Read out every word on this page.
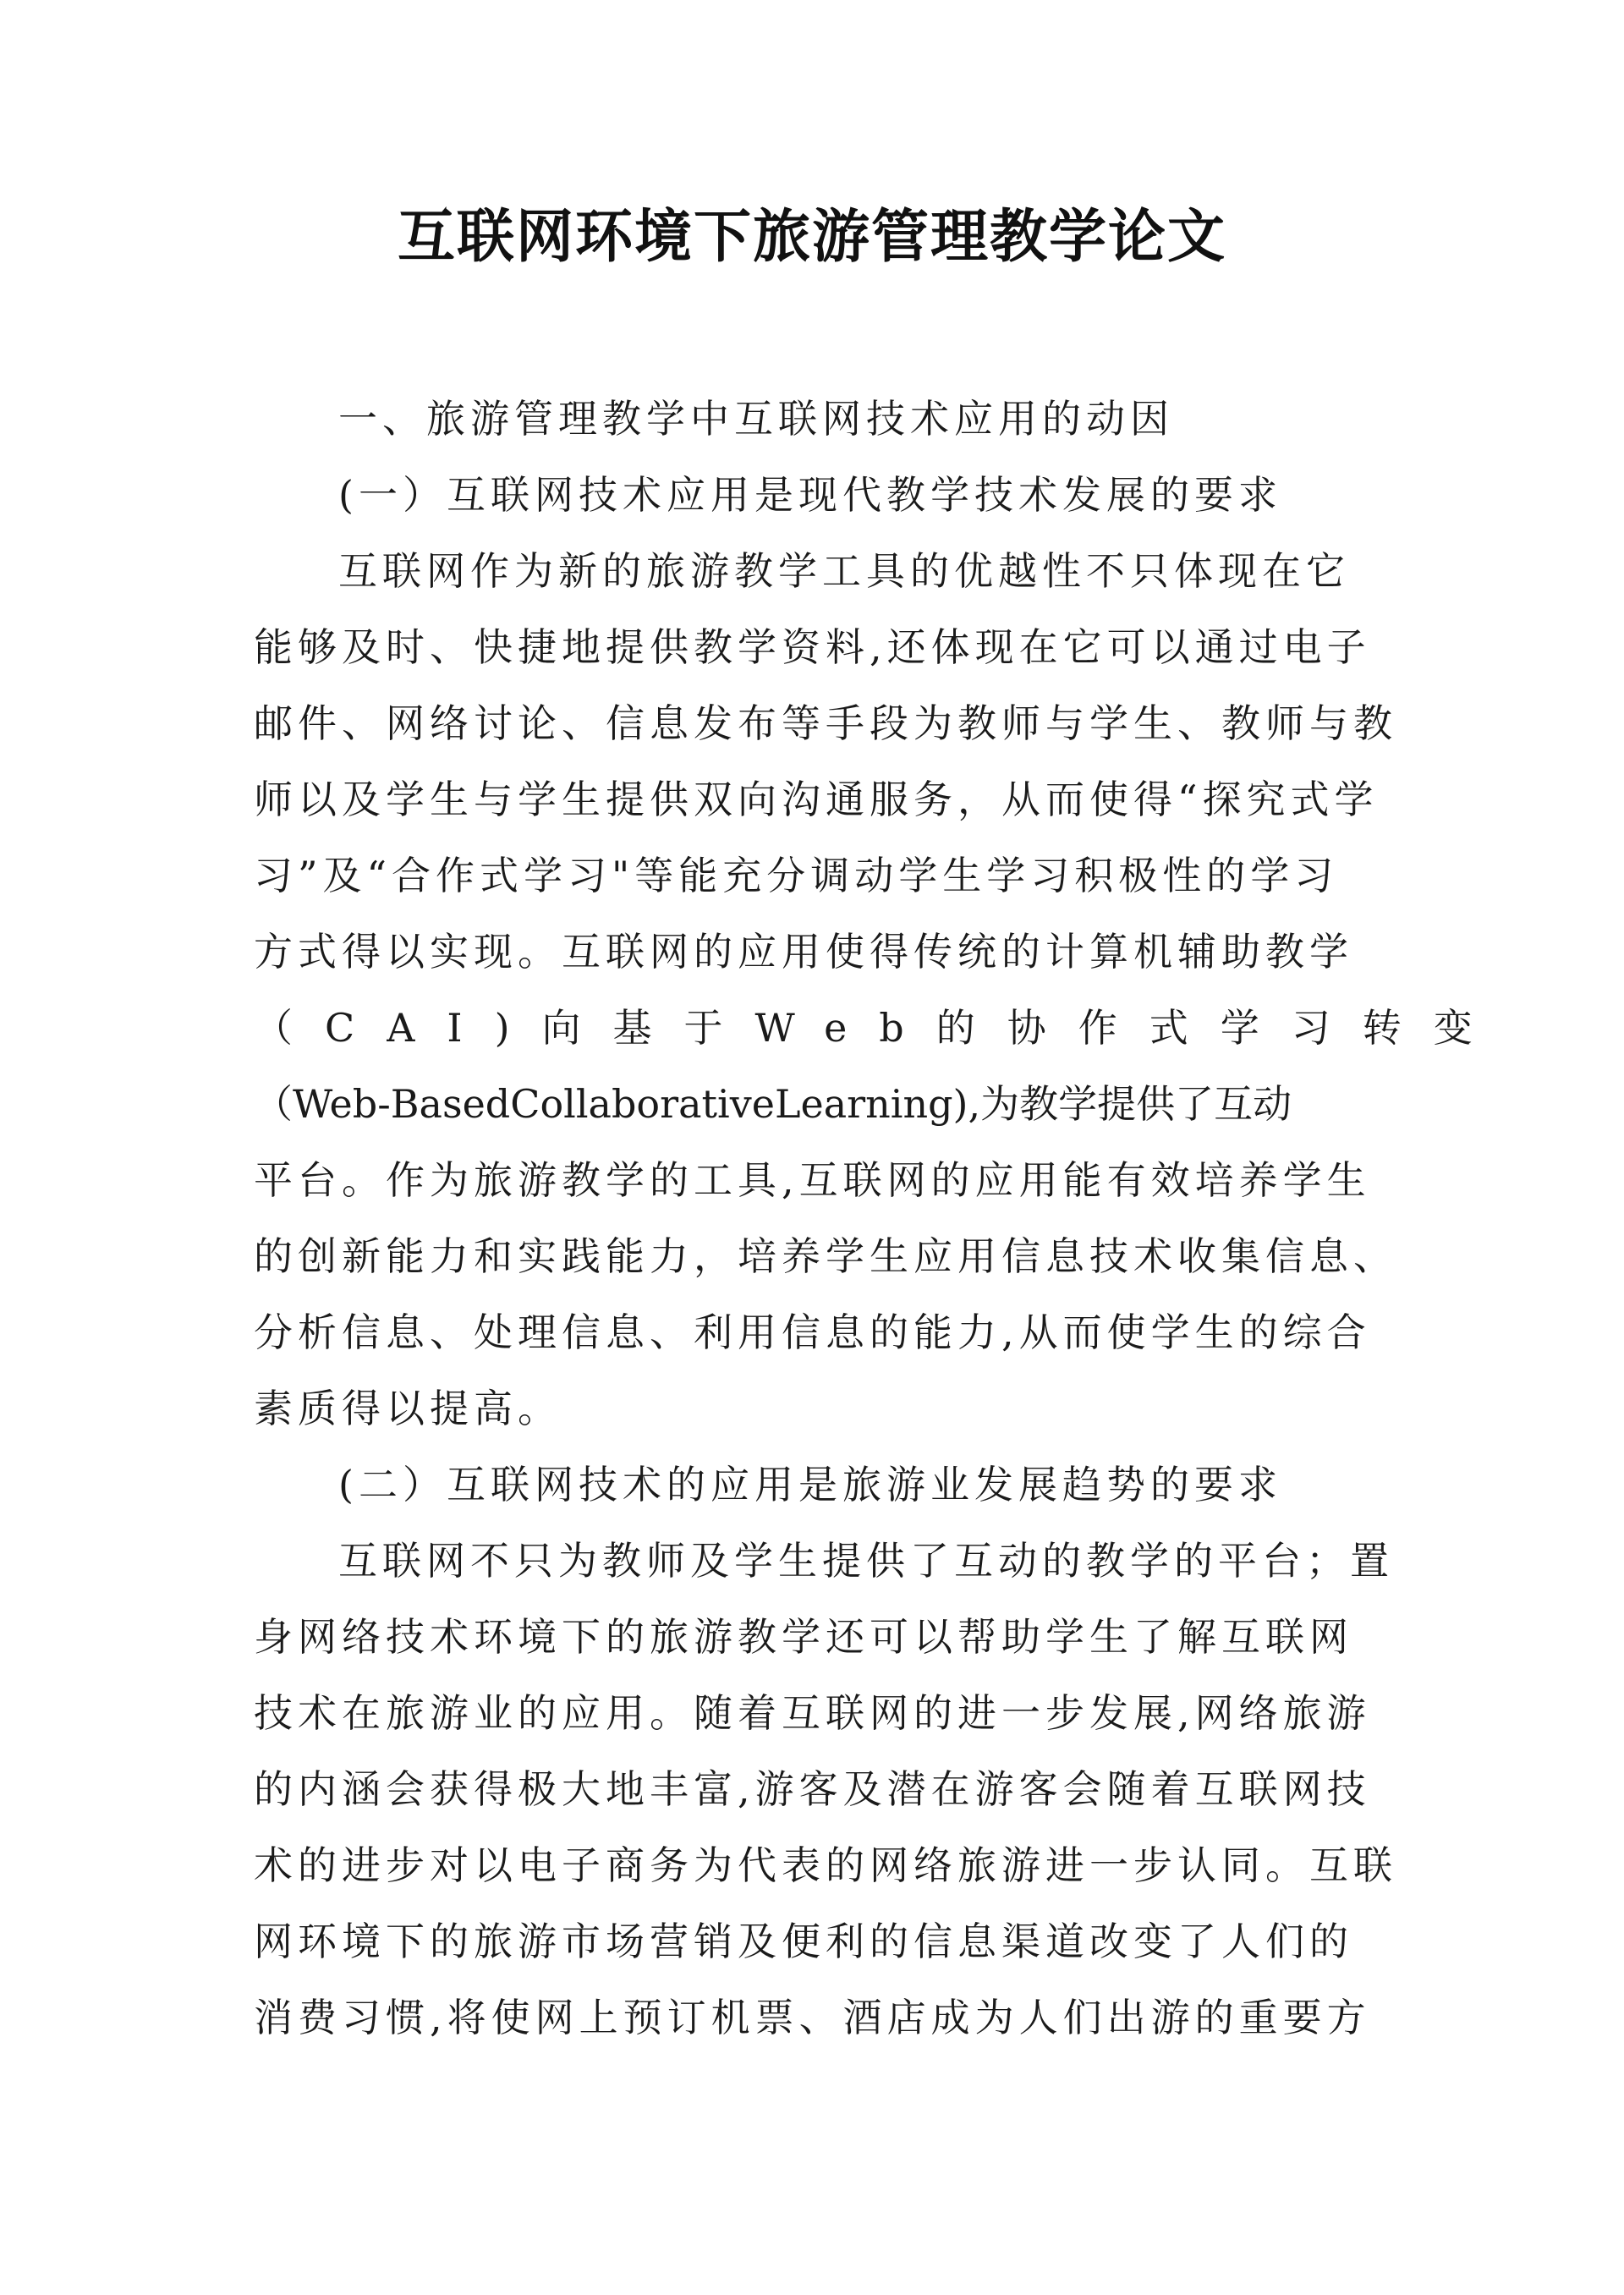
互联网环境下旅游管理教学论文
一、旅游管理教学中互联网技术应用的动因
(一）互联网技术应用是现代教学技术发展的要求
互联网作为新的旅游教学工具的优越性不只体现在它
能够及时、快捷地提供教学资料,还体现在它可以通过电子
邮件、网络讨论、信息发布等手段为教师与学生、教师与教
师以及学生与学生提供双向沟通服务，从而使得“探究式学
习”及“合作式学习"等能充分调动学生学习积极性的学习
方式得以实现。互联网的应用使得传统的计算机辅助教学
（CAI)向基于Web的协作式学习转变
（Web-BasedCollaborativeLearning),为教学提供了互动
平台。作为旅游教学的工具,互联网的应用能有效培养学生
的创新能力和实践能力，培养学生应用信息技术收集信息、
分析信息、处理信息、利用信息的能力,从而使学生的综合
素质得以提高。
(二）互联网技术的应用是旅游业发展趋势的要求
互联网不只为教师及学生提供了互动的教学的平台；置
身网络技术环境下的旅游教学还可以帮助学生了解互联网
技术在旅游业的应用。随着互联网的进一步发展,网络旅游
的内涵会获得极大地丰富,游客及潜在游客会随着互联网技
术的进步对以电子商务为代表的网络旅游进一步认同。互联
网环境下的旅游市场营销及便利的信息渠道改变了人们的
消费习惯,将使网上预订机票、酒店成为人们出游的重要方
